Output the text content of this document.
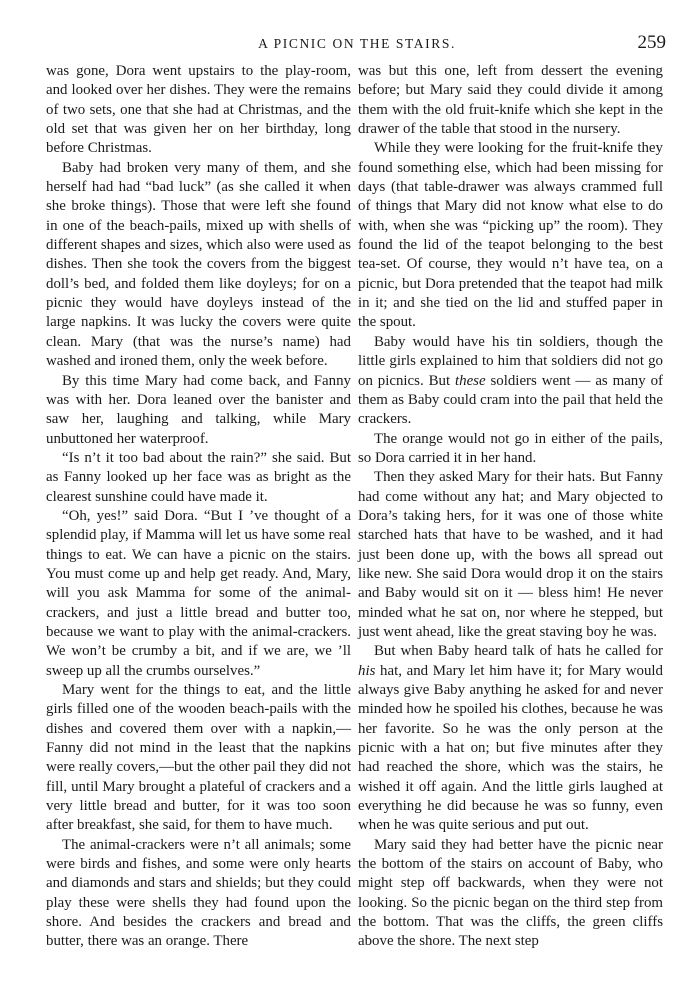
A PICNIC ON THE STAIRS.	259

was gone, Dora went upstairs to the play-room, and looked over her dishes. They were the remains of two sets, one that she had at Christmas, and the old set that was given her on her birthday, long before Christmas.

Baby had broken very many of them, and she herself had had “bad luck” (as she called it when she broke things). Those that were left she found in one of the beach-pails, mixed up with shells of different shapes and sizes, which also were used as dishes. Then she took the covers from the biggest doll’s bed, and folded them like doyleys; for on a picnic they would have doyleys instead of the large napkins. It was lucky the covers were quite clean. Mary (that was the nurse’s name) had washed and ironed them, only the week before.

By this time Mary had come back, and Fanny was with her. Dora leaned over the banister and saw her, laughing and talking, while Mary unbuttoned her waterproof.

“Is n’t it too bad about the rain?” she said. But as Fanny looked up her face was as bright as the clearest sunshine could have made it.

“Oh, yes!” said Dora. “But I ’ve thought of a splendid play, if Mamma will let us have some real things to eat. We can have a picnic on the stairs. You must come up and help get ready. And, Mary, will you ask Mamma for some of the animal-crackers, and just a little bread and butter too, because we want to play with the animal-crackers. We won’t be crumby a bit, and if we are, we ’ll sweep up all the crumbs ourselves.”

Mary went for the things to eat, and the little girls filled one of the wooden beach-pails with the dishes and covered them over with a napkin,—Fanny did not mind in the least that the napkins were really covers,—but the other pail they did not fill, until Mary brought a plateful of crackers and a very little bread and butter, for it was too soon after breakfast, she said, for them to have much.

The animal-crackers were n’t all animals; some were birds and fishes, and some were only hearts and diamonds and stars and shields; but they could play these were shells they had found upon the shore. And besides the crackers and bread and butter, there was an orange. There

was but this one, left from dessert the evening before; but Mary said they could divide it among them with the old fruit-knife which she kept in the drawer of the table that stood in the nursery.

While they were looking for the fruit-knife they found something else, which had been missing for days (that table-drawer was always crammed full of things that Mary did not know what else to do with, when she was “picking up” the room). They found the lid of the teapot belonging to the best tea-set. Of course, they would n’t have tea, on a picnic, but Dora pretended that the teapot had milk in it; and she tied on the lid and stuffed paper in the spout.

Baby would have his tin soldiers, though the little girls explained to him that soldiers did not go on picnics. But these soldiers went — as many of them as Baby could cram into the pail that held the crackers.

The orange would not go in either of the pails, so Dora carried it in her hand.

Then they asked Mary for their hats. But Fanny had come without any hat; and Mary objected to Dora’s taking hers, for it was one of those white starched hats that have to be washed, and it had just been done up, with the bows all spread out like new. She said Dora would drop it on the stairs and Baby would sit on it — bless him! He never minded what he sat on, nor where he stepped, but just went ahead, like the great staving boy he was.

But when Baby heard talk of hats he called for his hat, and Mary let him have it; for Mary would always give Baby anything he asked for and never minded how he spoiled his clothes, because he was her favorite. So he was the only person at the picnic with a hat on; but five minutes after they had reached the shore, which was the stairs, he wished it off again. And the little girls laughed at everything he did because he was so funny, even when he was quite serious and put out.

Mary said they had better have the picnic near the bottom of the stairs on account of Baby, who might step off backwards, when they were not looking. So the picnic began on the third step from the bottom. That was the cliffs, the green cliffs above the shore. The next step
